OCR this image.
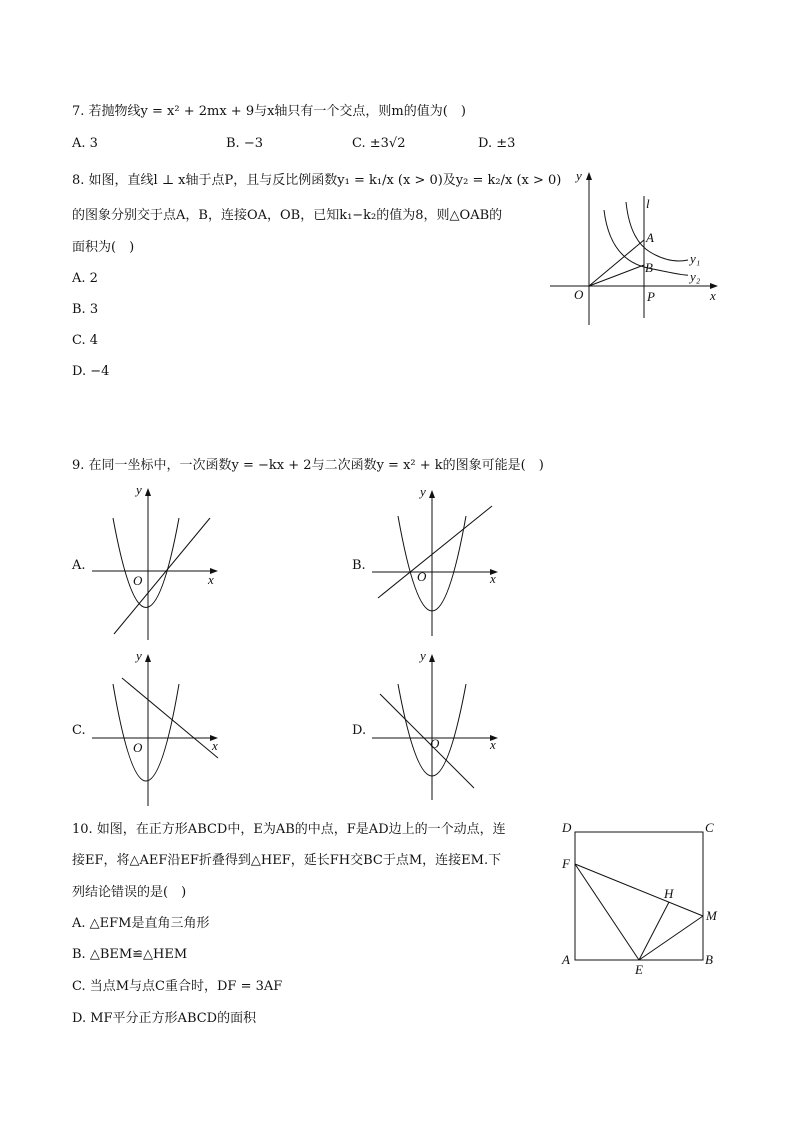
7. 若抛物线y = x² + 2mx + 9与x轴只有一个交点，则m的值为(　)
A. 3	B. −3	C. ±3√2	D. ±3
8. 如图，直线l ⊥ x轴于点P，且与反比例函数y₁ = k₁/x (x > 0)及y₂ = k₂/x (x > 0)
的图象分别交于点A，B，连接OA，OB，已知k₁−k₂的值为8，则△OAB的
面积为(　)
A. 2
B. 3
C. 4
D. −4
y
x
l
A
B
O	P
y₁
y₂
9. 在同一坐标中，一次函数y = −kx + 2与二次函数y = x² + k的图象可能是(　)
A.
y
x
O
B.
y
x
O
C.
y
x
O
D.
y
x
O
10. 如图，在正方形ABCD中，E为AB的中点，F是AD边上的一个动点，连
接EF，将△AEF沿EF折叠得到△HEF，延长FH交BC于点M，连接EM.下
列结论错误的是(　)
A. △EFM是直角三角形
B. △BEM≌△HEM
C. 当点M与点C重合时，DF = 3AF
D. MF平分正方形ABCD的面积
D	C
A	B
E
F
H
M
